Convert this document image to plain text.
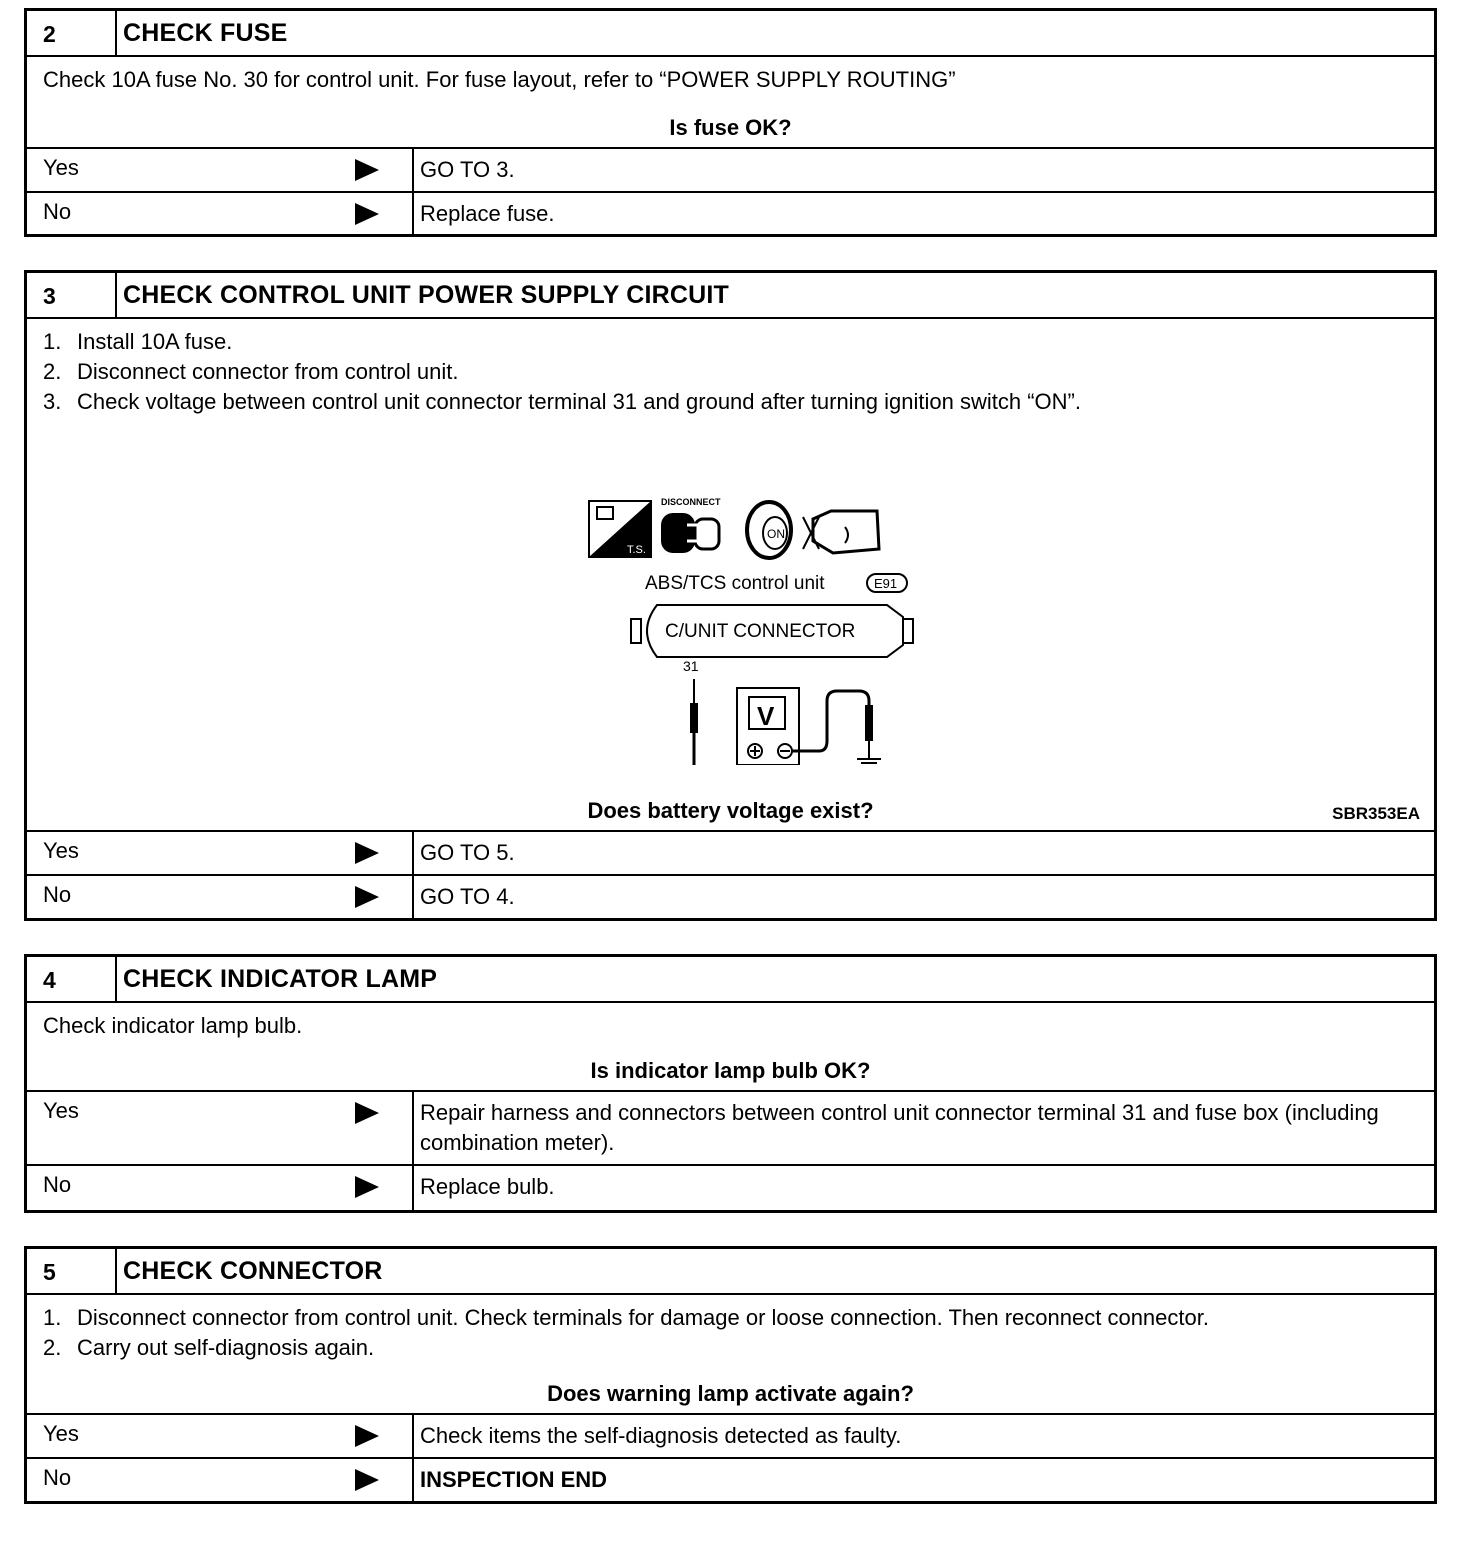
2	CHECK FUSE
Check 10A fuse No. 30 for control unit. For fuse layout, refer to “POWER SUPPLY ROUTING”
Is fuse OK?
Yes	GO TO 3.
No	Replace fuse.
3	CHECK CONTROL UNIT POWER SUPPLY CIRCUIT
1. Install 10A fuse.
2. Disconnect connector from control unit.
3. Check voltage between control unit connector terminal 31 and ground after turning ignition switch “ON”.
T.S.
DISCONNECT
ON
ABS/TCS control unit	E91
C/UNIT CONNECTOR
31
V
SBR353EA
Does battery voltage exist?
Yes	GO TO 5.
No	GO TO 4.
4	CHECK INDICATOR LAMP
Check indicator lamp bulb.
Is indicator lamp bulb OK?
Yes	Repair harness and connectors between control unit connector terminal 31 and fuse box (including combination meter).
No	Replace bulb.
5	CHECK CONNECTOR
1. Disconnect connector from control unit. Check terminals for damage or loose connection. Then reconnect connector.
2. Carry out self-diagnosis again.
Does warning lamp activate again?
Yes	Check items the self-diagnosis detected as faulty.
No	INSPECTION END
